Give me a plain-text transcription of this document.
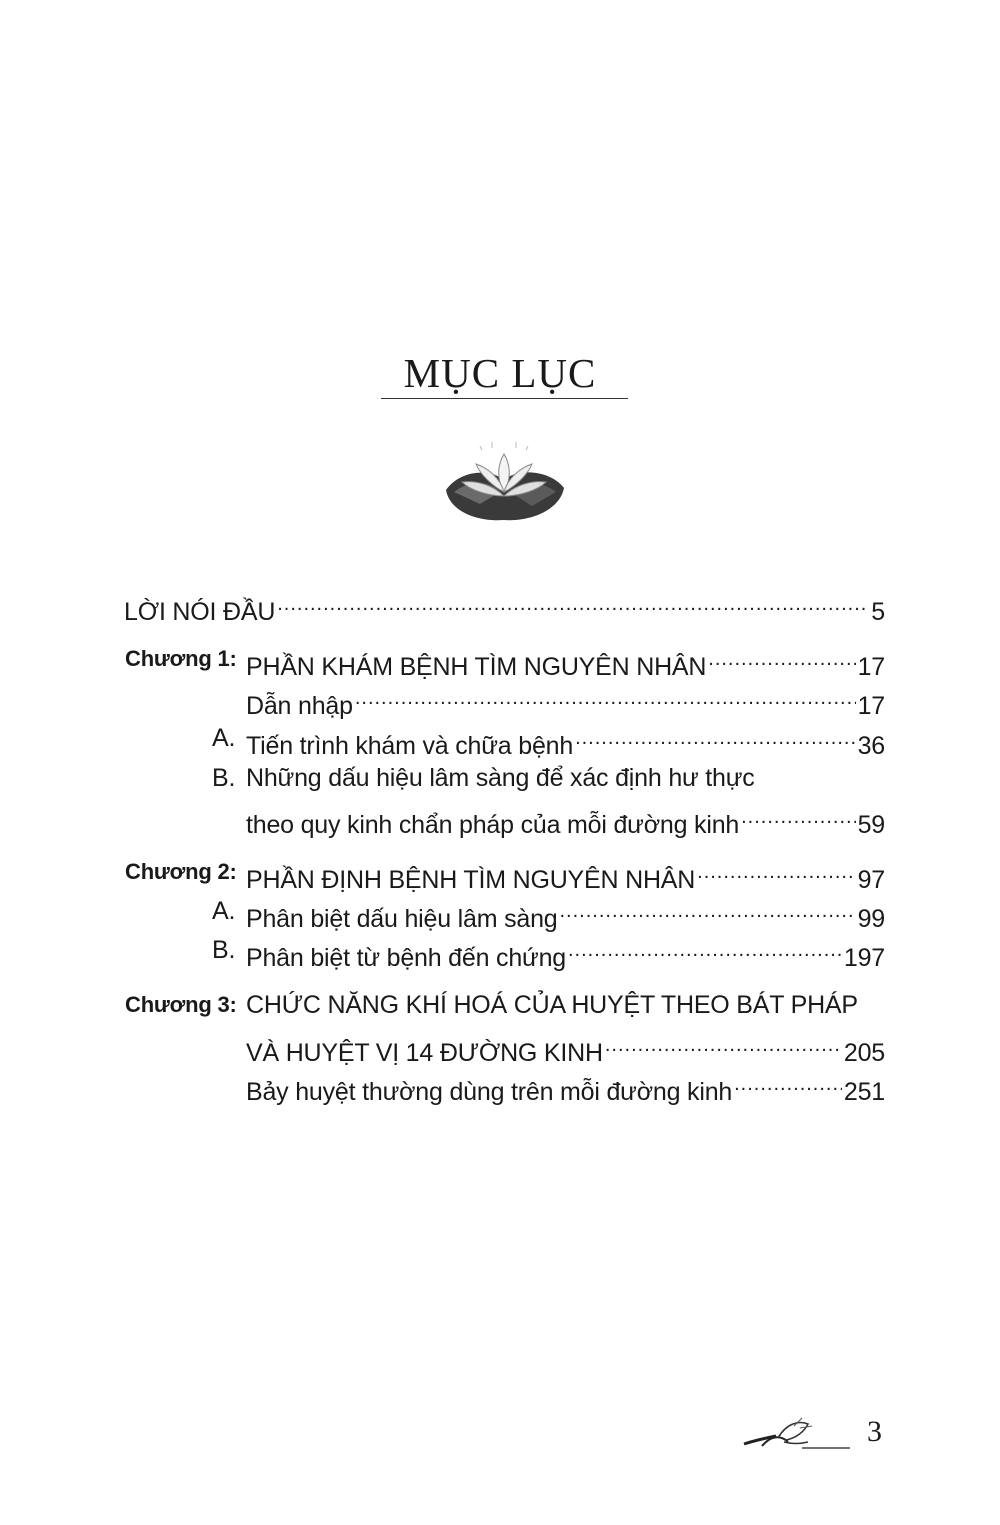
MỤC LỤC
LỜI NÓI ĐẦU .....	5
Chương 1: PHẦN KHÁM BỆNH TÌM NGUYÊN NHÂN .....	17
Dẫn nhập .....	17
A. Tiến trình khám và chữa bệnh .....	36
B. Những dấu hiệu lâm sàng để xác định hư thực
theo quy kinh chẩn pháp của mỗi đường kinh .....	59
Chương 2: PHẦN ĐỊNH BỆNH TÌM NGUYÊN NHÂN .....	97
A. Phân biệt dấu hiệu lâm sàng .....	99
B. Phân biệt từ bệnh đến chứng .....	197
Chương 3: CHỨC NĂNG KHÍ HOÁ CỦA HUYỆT THEO BÁT PHÁP
VÀ HUYỆT VỊ 14 ĐƯỜNG KINH .....	205
Bảy huyệt thường dùng trên mỗi đường kinh .....	251
3
